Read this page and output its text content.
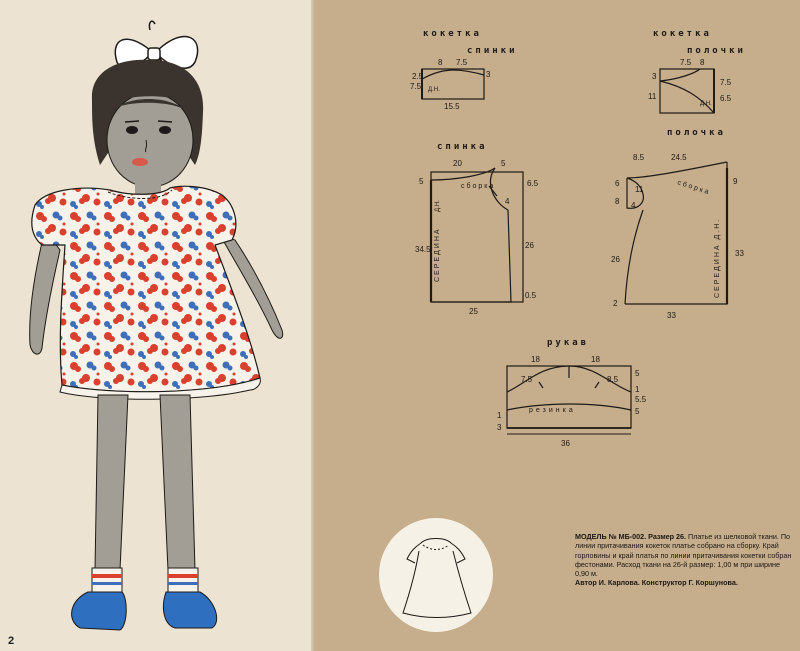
2
кокетка
спинки
8 7.5
3
7.5
2.5
15.5
Д.Н.
кокетка
полочки
7.5 8
3
11
7.5
6.5
Д.Н.
спинка
20	5
5	6.5
4
34.5	26
0.5
25
сборка
СЕРЕДИНА
Д.Н.
полочка
8.5	24.5
6
8
11
4
9
26
2
33
33
сборка
СЕРЕДИНА Д.Н.
рукав
18	18
7.5	8.5
5
1
5.5
5
1
3
36
резинка
МОДЕЛЬ № МБ-002. Размер 26. Платье из шелковой ткани. По линии притачивания кокеток платье собрано на сборку. Край горловины и край платья по линии притачивания кокетки собран фестонами. Расход ткани на 26-й размер: 1,00 м при ширине 0,90 м.
Автор И. Карлова. Конструктор Г. Коршунова.
